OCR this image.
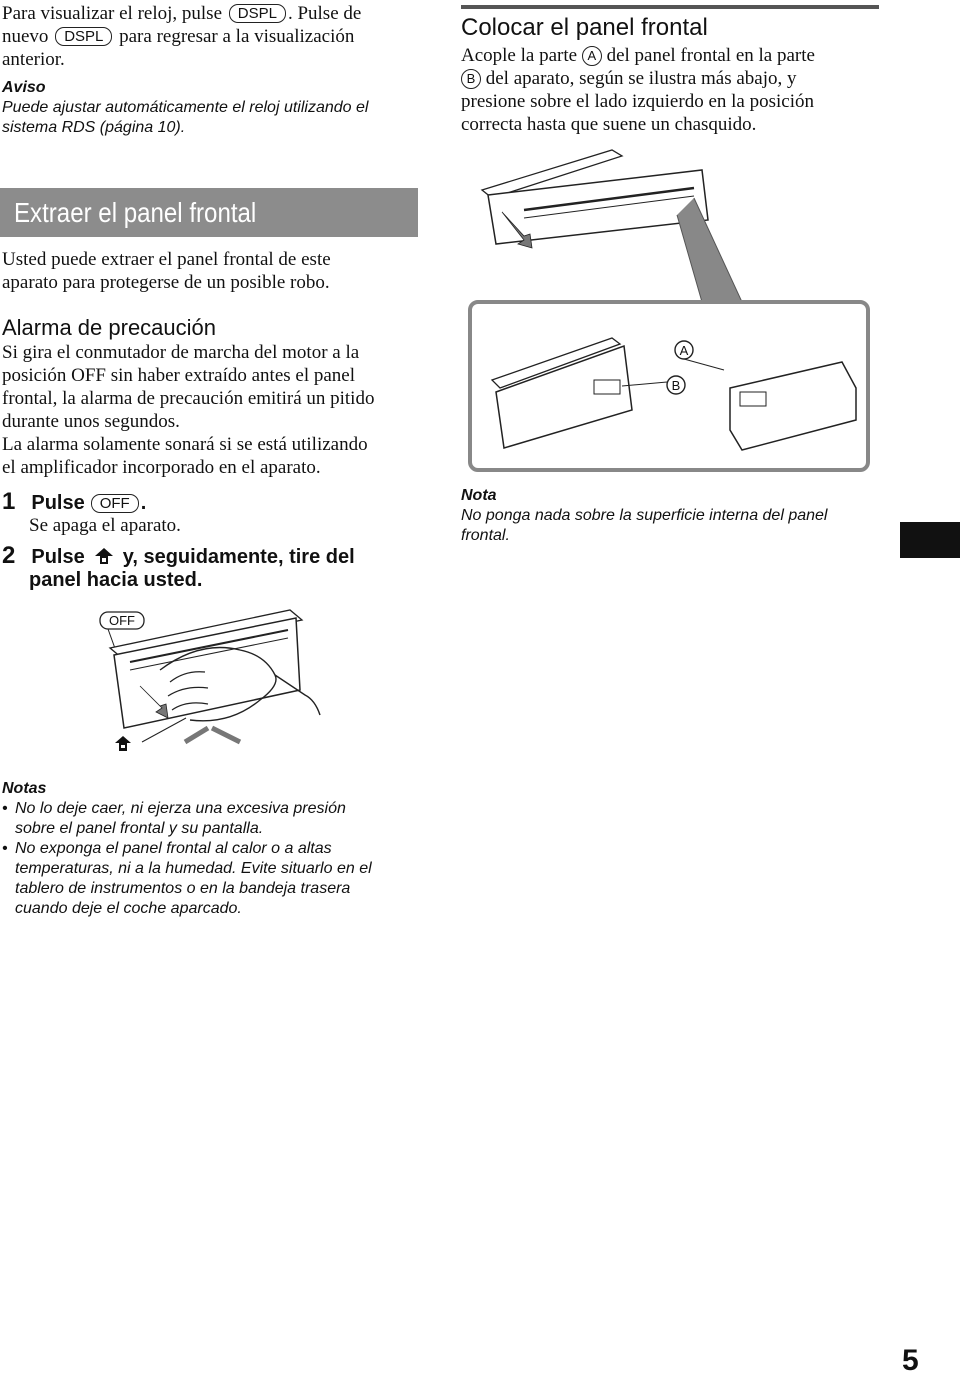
Para visualizar el reloj, pulse DSPL . Pulse de
nuevo DSPL para regresar a la visualización
anterior.
Aviso
Puede ajustar automáticamente el reloj utilizando el
sistema RDS (página 10).
Colocar el panel frontal
Acople la parte A del panel frontal en la parte
B del aparato, según se ilustra más abajo, y
presione sobre el lado izquierdo en la posición
correcta hasta que suene un chasquido.
Extraer el panel frontal
Usted puede extraer el panel frontal de este
aparato para protegerse de un posible robo.
Alarma de precaución
Si gira el conmutador de marcha del motor a la
posición OFF sin haber extraído antes el panel
frontal, la alarma de precaución emitirá un pitido
durante unos segundos.
La alarma solamente sonará si se está utilizando
el amplificador incorporado en el aparato.
1 Pulse OFF .
Se apaga el aparato.
2 Pulse y, seguidamente, tire del
panel hacia usted.
OFF
A
B
Nota
No ponga nada sobre la superficie interna del panel
frontal.
Notas
• No lo deje caer, ni ejerza una excesiva presión
sobre el panel frontal y su pantalla.
• No exponga el panel frontal al calor o a altas
temperaturas, ni a la humedad. Evite situarlo en el
tablero de instrumentos o en la bandeja trasera
cuando deje el coche aparcado.
5
